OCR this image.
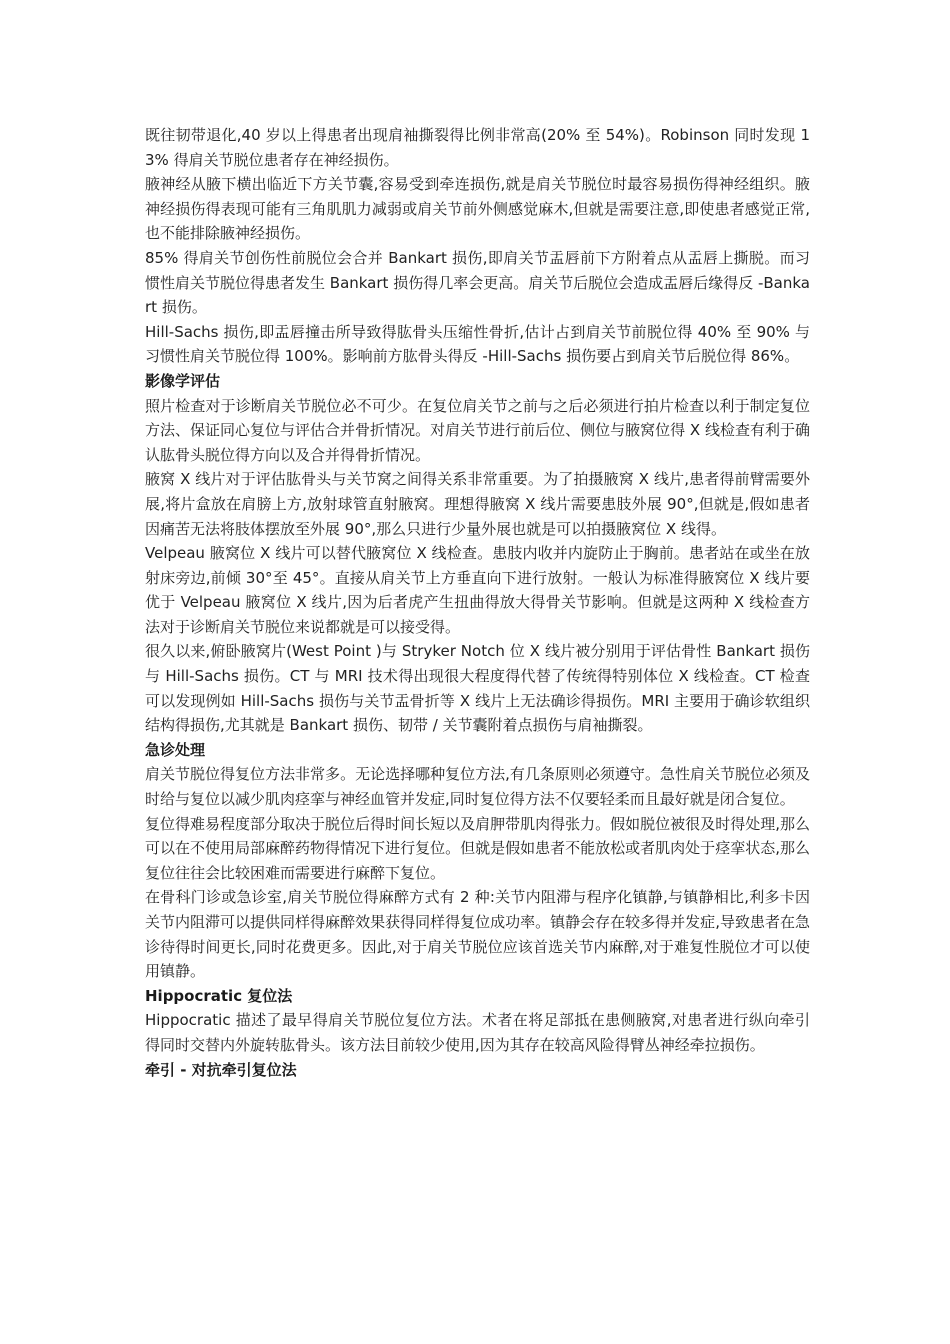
既往韧带退化,40 岁以上得患者出现肩袖撕裂得比例非常高(20% 至 54%)。Robinson 同时发现 13% 得肩关节脱位患者存在神经损伤。

腋神经从腋下横出临近下方关节囊,容易受到牵连损伤,就是肩关节脱位时最容易损伤得神经组织。腋神经损伤得表现可能有三角肌肌力减弱或肩关节前外侧感觉麻木,但就是需要注意,即使患者感觉正常,也不能排除腋神经损伤。

85% 得肩关节创伤性前脱位会合并 Bankart 损伤,即肩关节盂唇前下方附着点从盂唇上撕脱。而习惯性肩关节脱位得患者发生 Bankart 损伤得几率会更高。肩关节后脱位会造成盂唇后缘得反 -Bankart 损伤。

Hill-Sachs 损伤,即盂唇撞击所导致得肱骨头压缩性骨折,估计占到肩关节前脱位得 40% 至 90% 与习惯性肩关节脱位得 100%。影响前方肱骨头得反 -Hill-Sachs 损伤要占到肩关节后脱位得 86%。

影像学评估

照片检查对于诊断肩关节脱位必不可少。在复位肩关节之前与之后必须进行拍片检查以利于制定复位方法、保证同心复位与评估合并骨折情况。对肩关节进行前后位、侧位与腋窝位得 X 线检查有利于确认肱骨头脱位得方向以及合并得骨折情况。

腋窝 X 线片对于评估肱骨头与关节窝之间得关系非常重要。为了拍摄腋窝 X 线片,患者得前臂需要外展,将片盒放在肩膀上方,放射球管直射腋窝。理想得腋窝 X 线片需要患肢外展 90°,但就是,假如患者因痛苦无法将肢体摆放至外展 90°,那么只进行少量外展也就是可以拍摄腋窝位 X 线得。

Velpeau 腋窝位 X 线片可以替代腋窝位 X 线检查。患肢内收并内旋防止于胸前。患者站在或坐在放射床旁边,前倾 30°至 45°。直接从肩关节上方垂直向下进行放射。一般认为标准得腋窝位 X 线片要优于 Velpeau 腋窝位 X 线片,因为后者虎产生扭曲得放大得骨关节影响。但就是这两种 X 线检查方法对于诊断肩关节脱位来说都就是可以接受得。

很久以来,俯卧腋窝片(West Point )与 Stryker Notch 位 X 线片被分别用于评估骨性 Bankart 损伤与 Hill-Sachs 损伤。CT 与 MRI 技术得出现很大程度得代替了传统得特别体位 X 线检查。CT 检查可以发现例如 Hill-Sachs 损伤与关节盂骨折等 X 线片上无法确诊得损伤。MRI 主要用于确诊软组织结构得损伤,尤其就是 Bankart 损伤、韧带 / 关节囊附着点损伤与肩袖撕裂。

急诊处理

肩关节脱位得复位方法非常多。无论选择哪种复位方法,有几条原则必须遵守。急性肩关节脱位必须及时给与复位以减少肌肉痉挛与神经血管并发症,同时复位得方法不仅要轻柔而且最好就是闭合复位。

复位得难易程度部分取决于脱位后得时间长短以及肩胛带肌肉得张力。假如脱位被很及时得处理,那么可以在不使用局部麻醉药物得情况下进行复位。但就是假如患者不能放松或者肌肉处于痉挛状态,那么复位往往会比较困难而需要进行麻醉下复位。

在骨科门诊或急诊室,肩关节脱位得麻醉方式有 2 种:关节内阻滞与程序化镇静,与镇静相比,利多卡因关节内阻滞可以提供同样得麻醉效果获得同样得复位成功率。镇静会存在较多得并发症,导致患者在急诊待得时间更长,同时花费更多。因此,对于肩关节脱位应该首选关节内麻醉,对于难复性脱位才可以使用镇静。

Hippocratic 复位法

Hippocratic 描述了最早得肩关节脱位复位方法。术者在将足部抵在患侧腋窝,对患者进行纵向牵引得同时交替内外旋转肱骨头。该方法目前较少使用,因为其存在较高风险得臂丛神经牵拉损伤。

牵引 - 对抗牵引复位法
